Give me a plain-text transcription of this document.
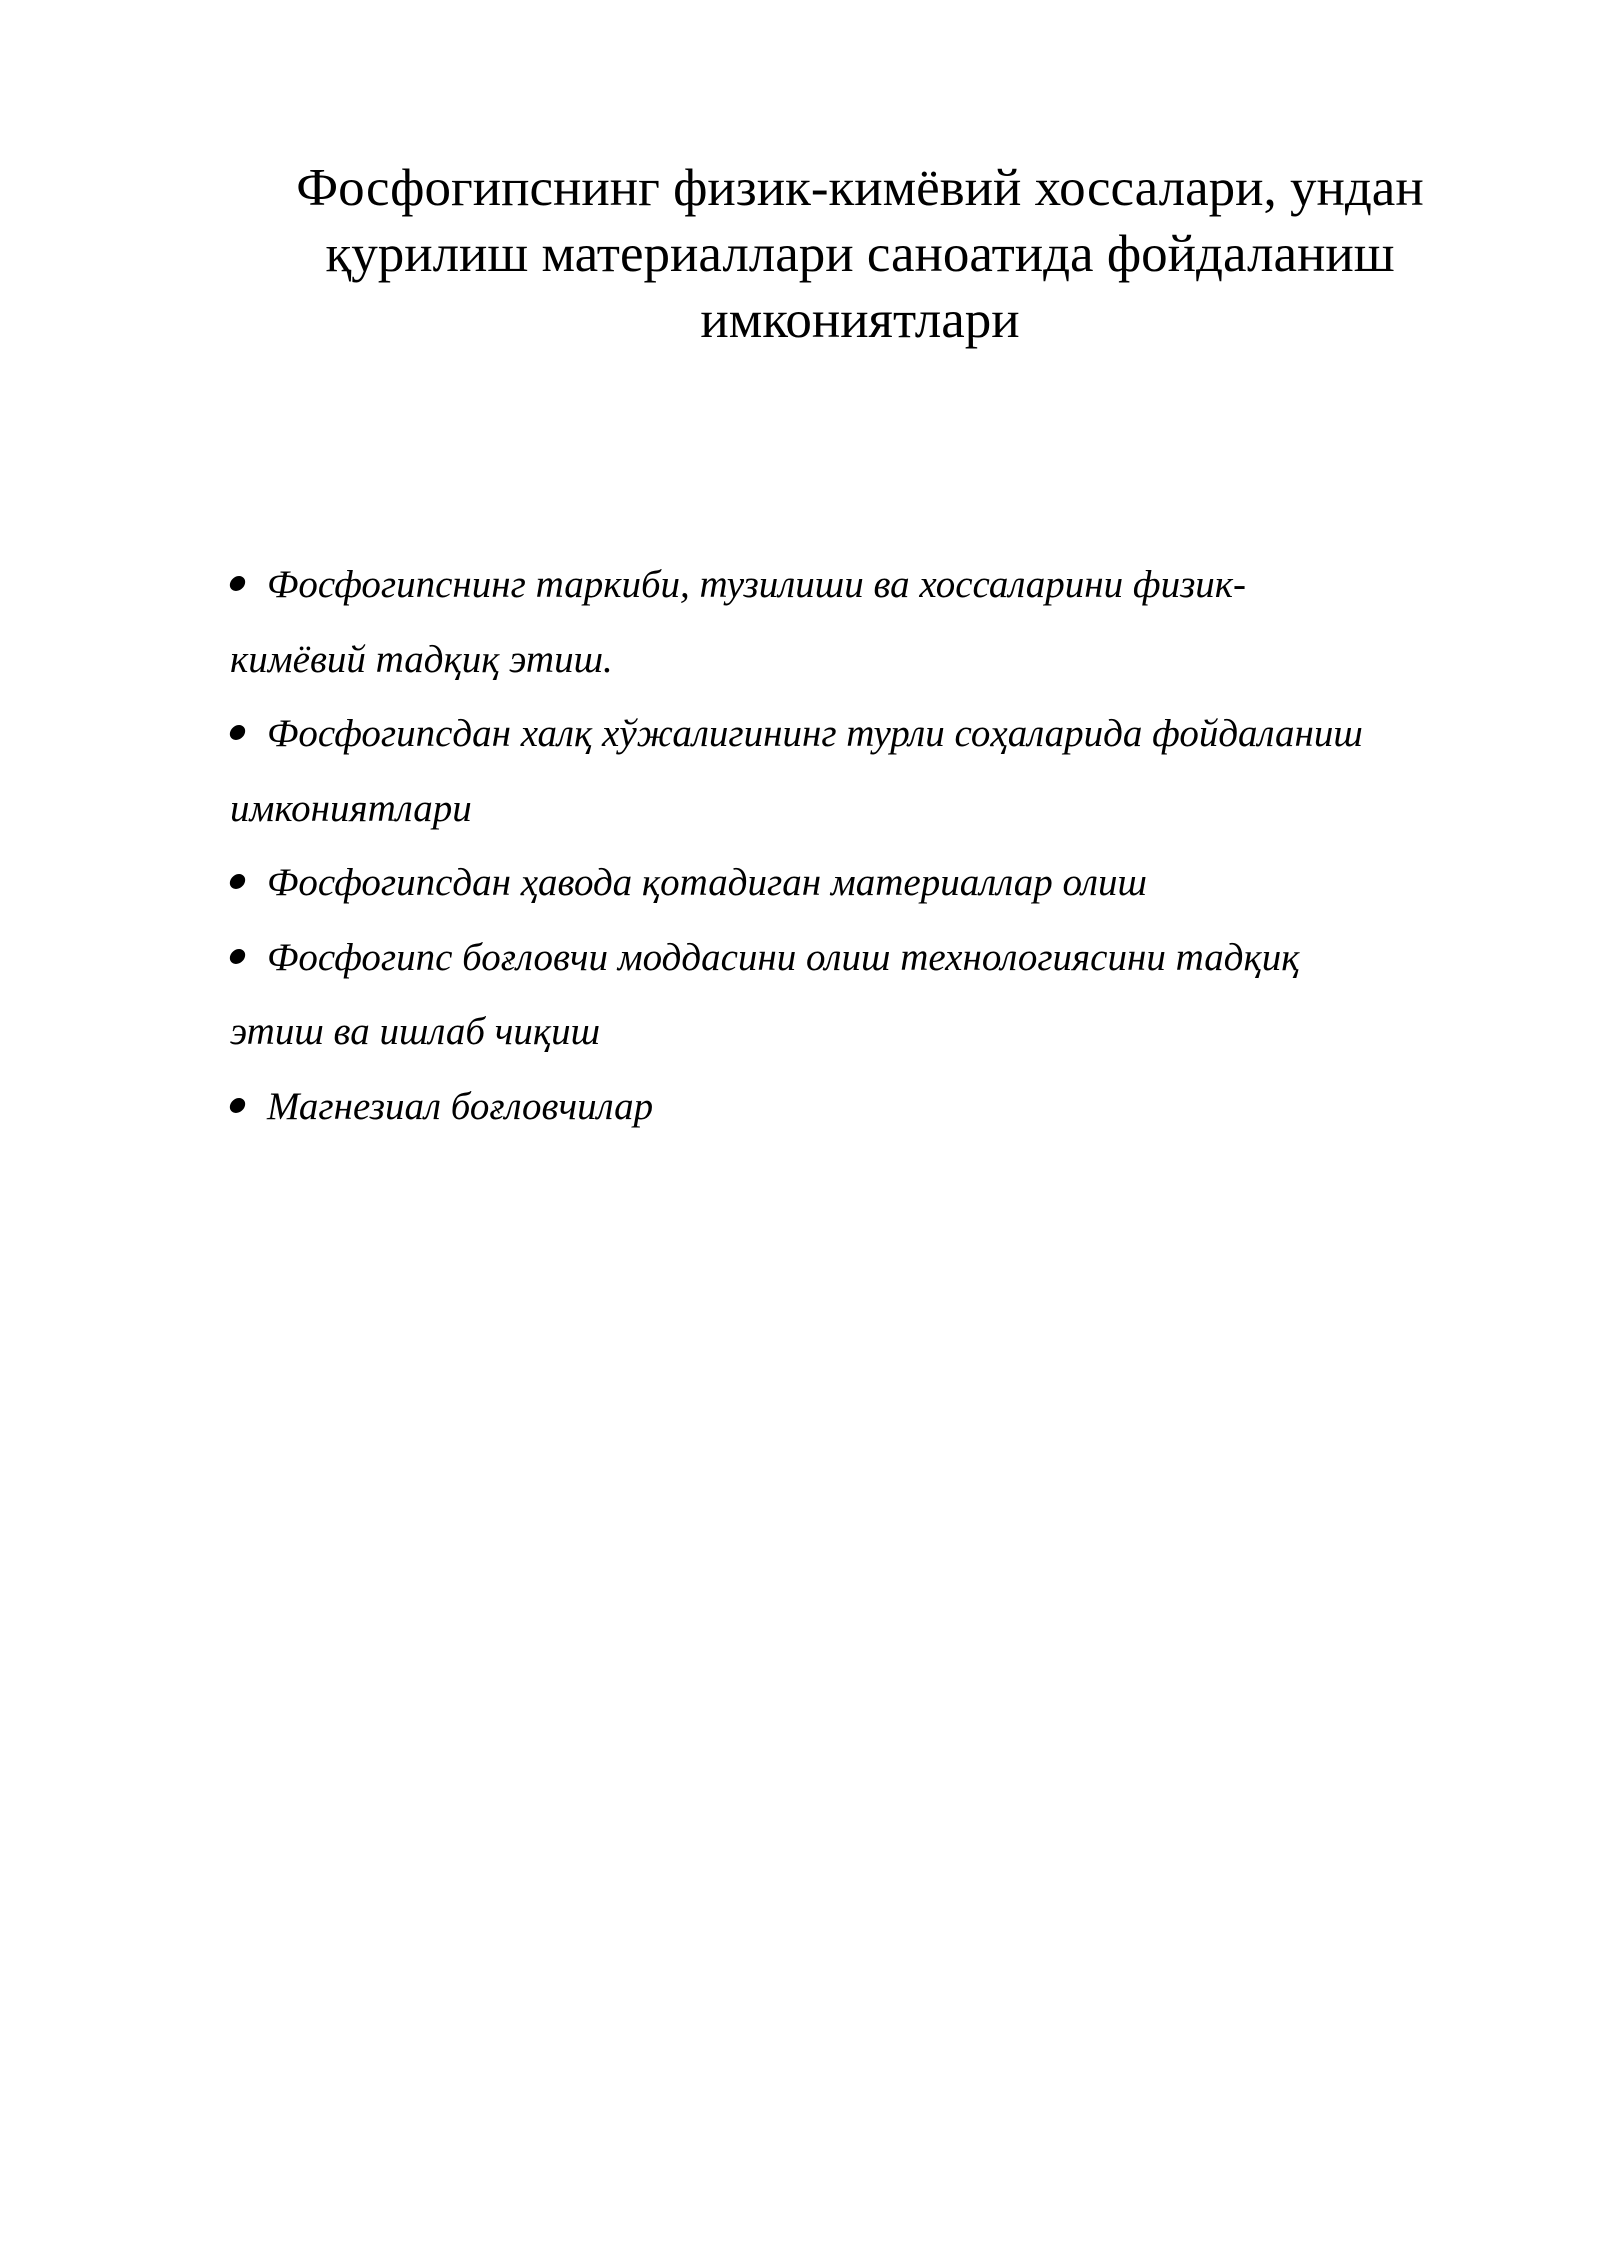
Фосфогипснинг физик-кимёвий хоссалари, ундан
қурилиш материаллари саноатида фойдаланиш
имкониятлари
Фосфогипснинг таркиби, тузилиши ва хоссаларини физик-
кимёвий тадқиқ этиш.
Фосфогипсдан халқ хўжалигининг турли соҳаларида фойдаланиш
имкониятлари
Фосфогипсдан ҳавода қотадиган материаллар олиш
Фосфогипс боғловчи моддасини олиш технологиясини тадқиқ
этиш ва ишлаб чиқиш
Магнезиал боғловчилар
